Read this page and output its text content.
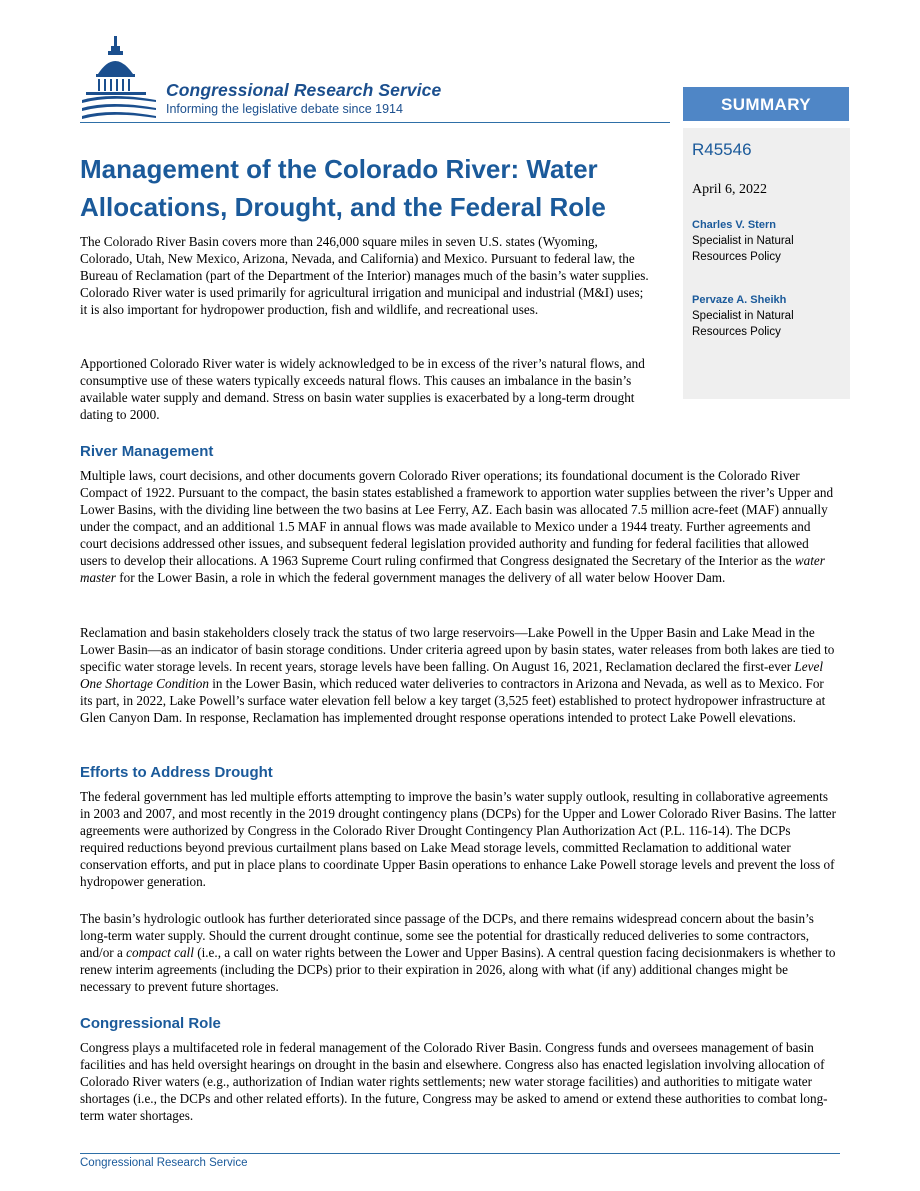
Congressional Research Service
Informing the legislative debate since 1914	SUMMARY
R45546
April 6, 2022
Charles V. Stern
Specialist in Natural Resources Policy
Pervaze A. Sheikh
Specialist in Natural Resources Policy
Management of the Colorado River: Water Allocations, Drought, and the Federal Role

The Colorado River Basin covers more than 246,000 square miles in seven U.S. states (Wyoming, Colorado, Utah, New Mexico, Arizona, Nevada, and California) and Mexico. Pursuant to federal law, the Bureau of Reclamation (part of the Department of the Interior) manages much of the basin’s water supplies. Colorado River water is used primarily for agricultural irrigation and municipal and industrial (M&I) uses; it is also important for hydropower production, fish and wildlife, and recreational uses.

Apportioned Colorado River water is widely acknowledged to be in excess of the river’s natural flows, and consumptive use of these waters typically exceeds natural flows. This causes an imbalance in the basin’s available water supply and demand. Stress on basin water supplies is exacerbated by a long-term drought dating to 2000.

River Management

Multiple laws, court decisions, and other documents govern Colorado River operations; its foundational document is the Colorado River Compact of 1922. Pursuant to the compact, the basin states established a framework to apportion water supplies between the river’s Upper and Lower Basins, with the dividing line between the two basins at Lee Ferry, AZ. Each basin was allocated 7.5 million acre-feet (MAF) annually under the compact, and an additional 1.5 MAF in annual flows was made available to Mexico under a 1944 treaty. Further agreements and court decisions addressed other issues, and subsequent federal legislation provided authority and funding for federal facilities that allowed users to develop their allocations. A 1963 Supreme Court ruling confirmed that Congress designated the Secretary of the Interior as the water master for the Lower Basin, a role in which the federal government manages the delivery of all water below Hoover Dam.

Reclamation and basin stakeholders closely track the status of two large reservoirs—Lake Powell in the Upper Basin and Lake Mead in the Lower Basin—as an indicator of basin storage conditions. Under criteria agreed upon by basin states, water releases from both lakes are tied to specific water storage levels. In recent years, storage levels have been falling. On August 16, 2021, Reclamation declared the first-ever Level One Shortage Condition in the Lower Basin, which reduced water deliveries to contractors in Arizona and Nevada, as well as to Mexico. For its part, in 2022, Lake Powell’s surface water elevation fell below a key target (3,525 feet) established to protect hydropower infrastructure at Glen Canyon Dam. In response, Reclamation has implemented drought response operations intended to protect Lake Powell elevations.

Efforts to Address Drought

The federal government has led multiple efforts attempting to improve the basin’s water supply outlook, resulting in collaborative agreements in 2003 and 2007, and most recently in the 2019 drought contingency plans (DCPs) for the Upper and Lower Colorado River Basins. The latter agreements were authorized by Congress in the Colorado River Drought Contingency Plan Authorization Act (P.L. 116-14). The DCPs required reductions beyond previous curtailment plans based on Lake Mead storage levels, committed Reclamation to additional water conservation efforts, and put in place plans to coordinate Upper Basin operations to enhance Lake Powell storage levels and prevent the loss of hydropower generation.

The basin’s hydrologic outlook has further deteriorated since passage of the DCPs, and there remains widespread concern about the basin’s long-term water supply. Should the current drought continue, some see the potential for drastically reduced deliveries to some contractors, and/or a compact call (i.e., a call on water rights between the Lower and Upper Basins). A central question facing decisionmakers is whether to renew interim agreements (including the DCPs) prior to their expiration in 2026, along with what (if any) additional changes might be necessary to prevent future shortages.

Congressional Role

Congress plays a multifaceted role in federal management of the Colorado River Basin. Congress funds and oversees management of basin facilities and has held oversight hearings on drought in the basin and elsewhere. Congress also has enacted legislation involving allocation of Colorado River waters (e.g., authorization of Indian water rights settlements; new water storage facilities) and authorities to mitigate water shortages (i.e., the DCPs and other related efforts). In the future, Congress may be asked to amend or extend these authorities to combat long-term water shortages.

Congressional Research Service
